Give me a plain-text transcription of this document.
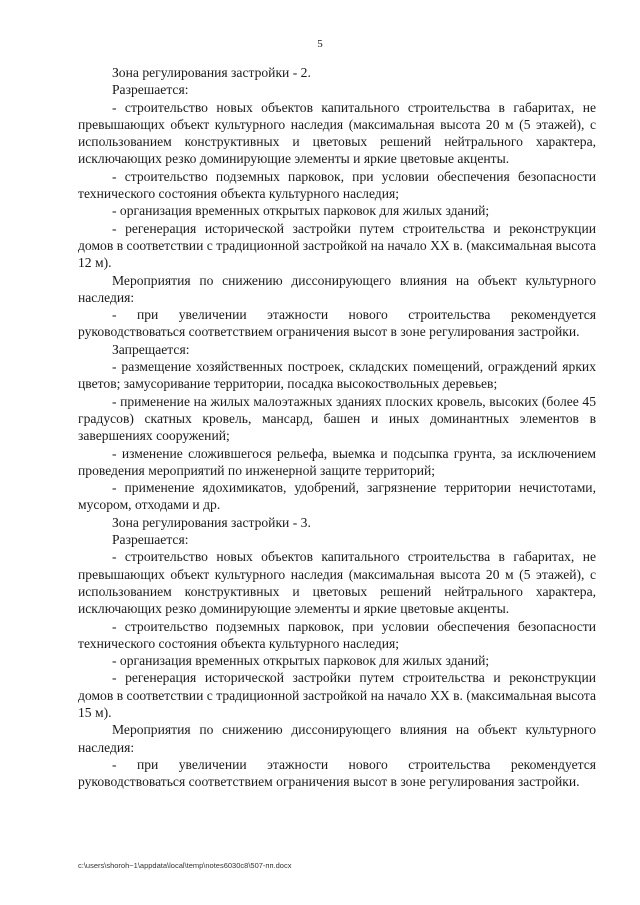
5

Зона регулирования застройки - 2.

Разрешается:

- строительство новых объектов капитального строительства в габаритах, не превышающих объект культурного наследия (максимальная высота 20 м (5 этажей), с использованием конструктивных и цветовых решений нейтрального характера, исключающих резко доминирующие элементы и яркие цветовые акценты.

- строительство подземных парковок, при условии обеспечения безопасности технического состояния объекта культурного наследия;

- организация временных открытых парковок для жилых зданий;

- регенерация исторической застройки путем строительства и реконструкции домов в соответствии с традиционной застройкой на начало XX в. (максимальная высота 12 м).

Мероприятия по снижению диссонирующего влияния на объект культурного наследия:

- при увеличении этажности нового строительства рекомендуется руководствоваться соответствием ограничения высот в зоне регулирования застройки.

Запрещается:

- размещение хозяйственных построек, складских помещений, ограждений ярких цветов; замусоривание территории, посадка высокоствольных деревьев;

- применение на жилых малоэтажных зданиях плоских кровель, высоких (более 45 градусов) скатных кровель, мансард, башен и иных доминантных элементов в завершениях сооружений;

- изменение сложившегося рельефа, выемка и подсыпка грунта, за исключением проведения мероприятий по инженерной защите территорий;

- применение ядохимикатов, удобрений, загрязнение территории нечистотами, мусором, отходами и др.

Зона регулирования застройки - 3.

Разрешается:

- строительство новых объектов капитального строительства в габаритах, не превышающих объект культурного наследия (максимальная высота 20 м (5 этажей), с использованием конструктивных и цветовых решений нейтрального характера, исключающих резко доминирующие элементы и яркие цветовые акценты.

- строительство подземных парковок, при условии обеспечения безопасности технического состояния объекта культурного наследия;

- организация временных открытых парковок для жилых зданий;

- регенерация исторической застройки путем строительства и реконструкции домов в соответствии с традиционной застройкой на начало XX в. (максимальная высота 15 м).

Мероприятия по снижению диссонирующего влияния на объект культурного наследия:

- при увеличении этажности нового строительства рекомендуется руководствоваться соответствием ограничения высот в зоне регулирования застройки.

c:\users\shoroh~1\appdata\local\temp\notes6030c8\507-пп.docx
